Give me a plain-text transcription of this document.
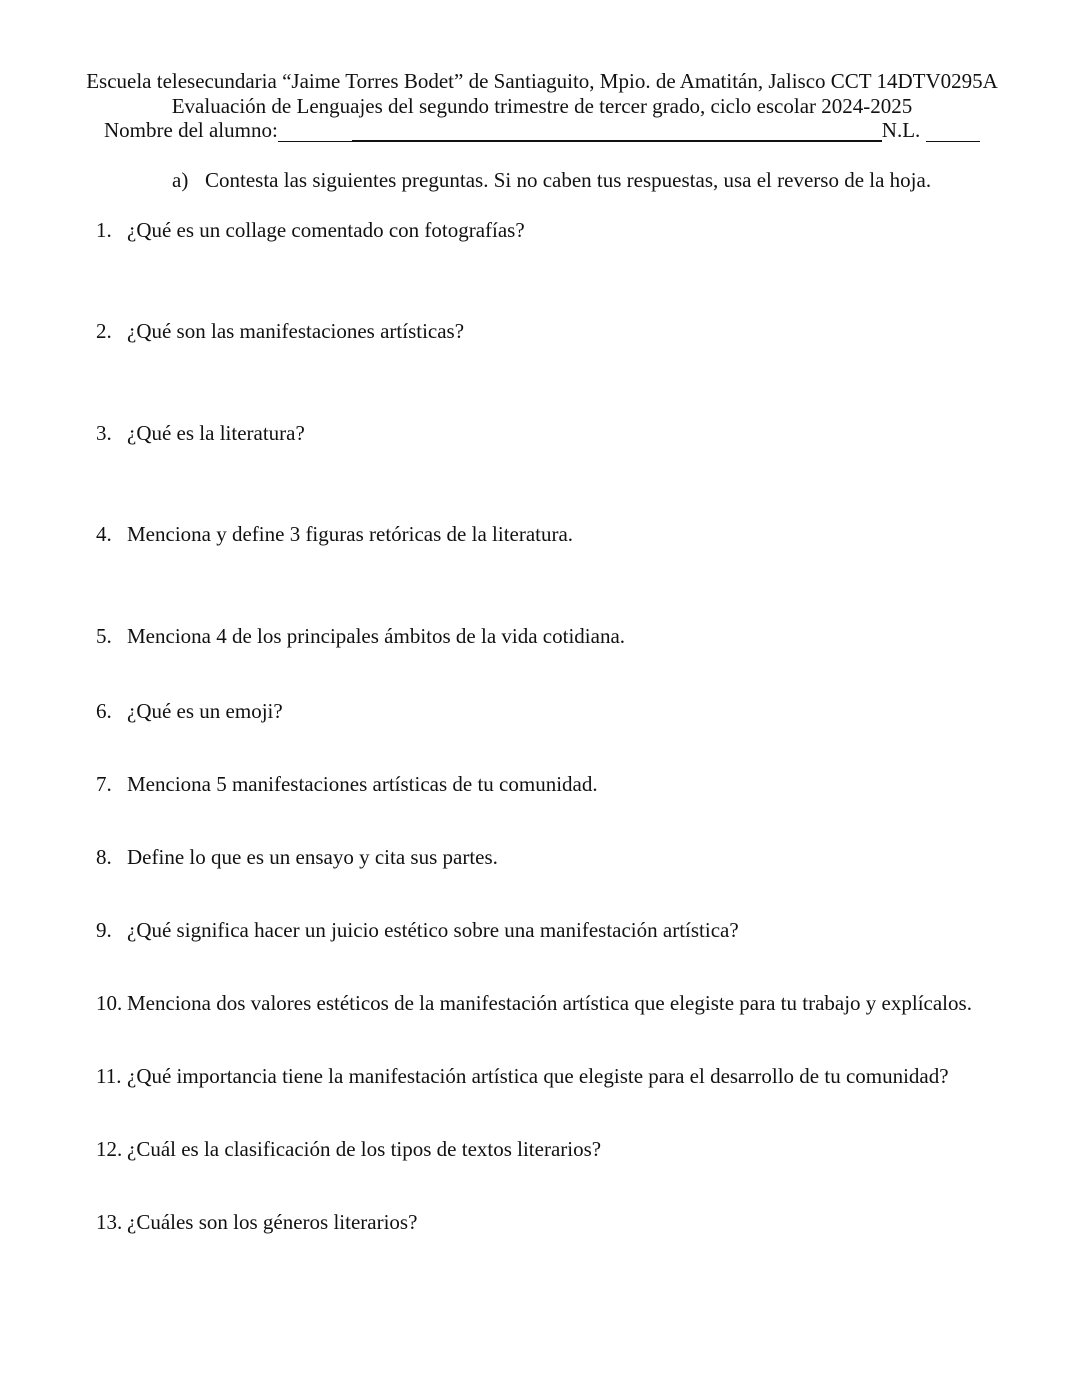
Escuela telesecundaria “Jaime Torres Bodet” de Santiaguito, Mpio. de Amatitán, Jalisco CCT 14DTV0295A
Evaluación de Lenguajes del segundo trimestre de tercer grado, ciclo escolar 2024-2025
Nombre del alumno:	N.L.
a) Contesta las siguientes preguntas. Si no caben tus respuestas, usa el reverso de la hoja.
1. ¿Qué es un collage comentado con fotografías?
2. ¿Qué son las manifestaciones artísticas?
3. ¿Qué es la literatura?
4. Menciona y define 3 figuras retóricas de la literatura.
5. Menciona 4 de los principales ámbitos de la vida cotidiana.
6. ¿Qué es un emoji?
7. Menciona 5 manifestaciones artísticas de tu comunidad.
8. Define lo que es un ensayo y cita sus partes.
9. ¿Qué significa hacer un juicio estético sobre una manifestación artística?
10. Menciona dos valores estéticos de la manifestación artística que elegiste para tu trabajo y explícalos.
11. ¿Qué importancia tiene la manifestación artística que elegiste para el desarrollo de tu comunidad?
12. ¿Cuál es la clasificación de los tipos de textos literarios?
13. ¿Cuáles son los géneros literarios?
